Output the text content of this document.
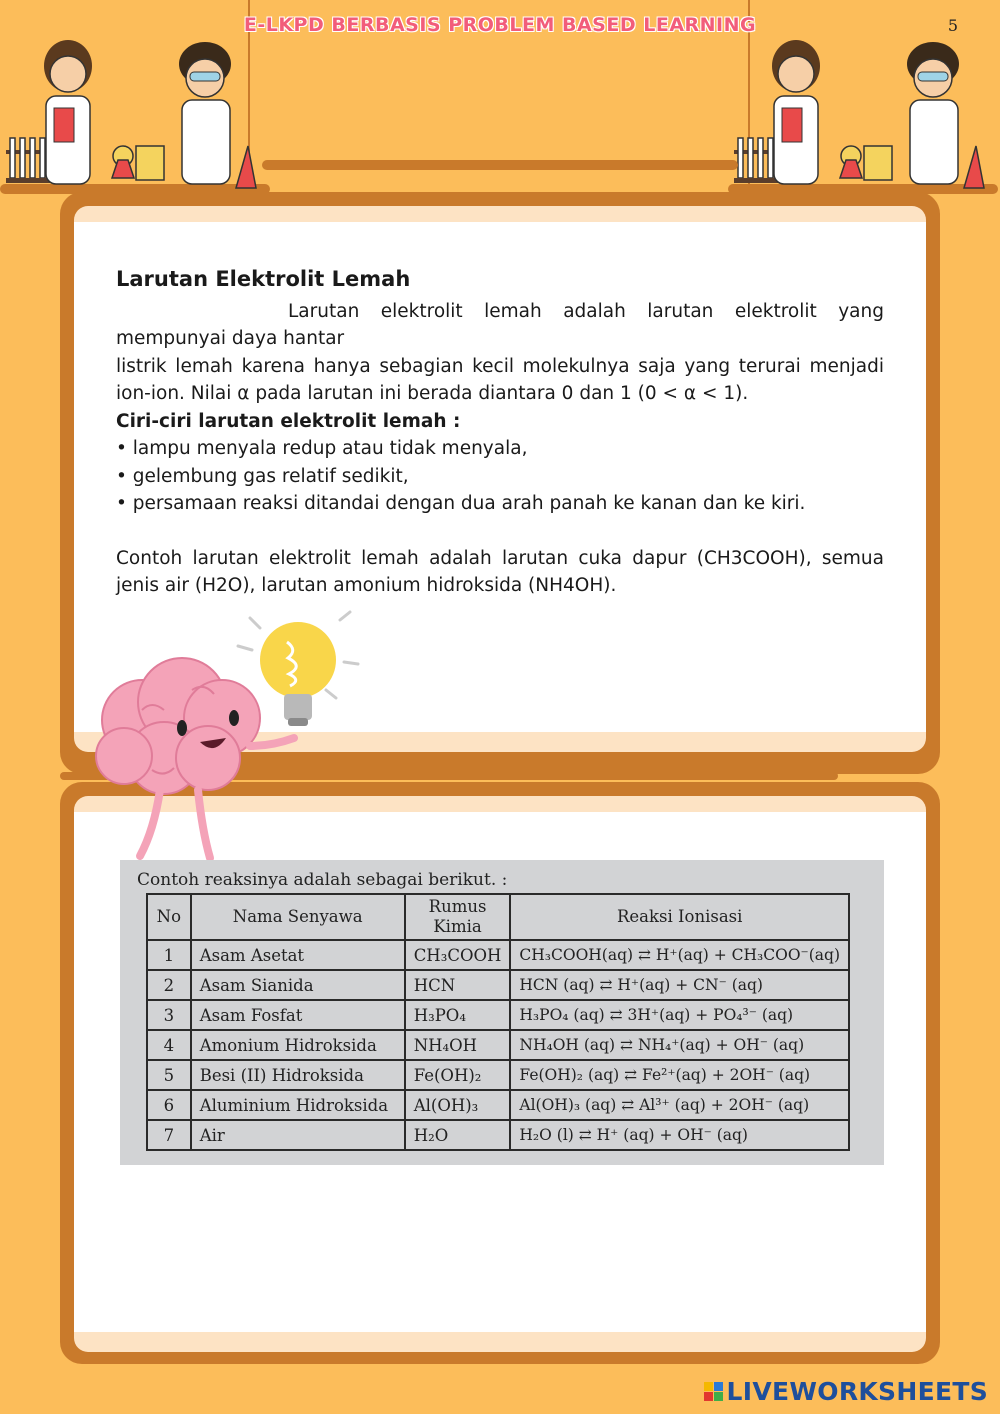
E-LKPD BERBASIS PROBLEM BASED LEARNING	5

Larutan Elektrolit Lemah

Larutan elektrolit lemah adalah larutan elektrolit yang mempunyai daya hantar

listrik lemah karena hanya sebagian kecil molekulnya saja yang terurai menjadi ion-ion. Nilai α pada larutan ini berada diantara 0 dan 1 (0 < α < 1).

Ciri-ciri larutan elektrolit lemah :

• lampu menyala redup atau tidak menyala,

• gelembung gas relatif sedikit,

• persamaan reaksi ditandai dengan dua arah panah ke kanan dan ke kiri.

Contoh larutan elektrolit lemah adalah larutan cuka dapur (CH3COOH), semua jenis air (H2O), larutan amonium hidroksida (NH4OH).

Contoh reaksinya adalah sebagai berikut. :
No	Nama Senyawa	Rumus Kimia	Reaksi Ionisasi
1	Asam Asetat	CH₃COOH	CH₃COOH(aq) ⇄ H⁺(aq) + CH₃COO⁻(aq)
2	Asam Sianida	HCN	HCN (aq) ⇄ H⁺(aq) + CN⁻ (aq)
3	Asam Fosfat	H₃PO₄	H₃PO₄ (aq) ⇄ 3H⁺(aq) + PO₄³⁻ (aq)
4	Amonium Hidroksida	NH₄OH	NH₄OH (aq) ⇄ NH₄⁺(aq) + OH⁻ (aq)
5	Besi (II) Hidroksida	Fe(OH)₂	Fe(OH)₂ (aq) ⇄ Fe²⁺(aq) + 2OH⁻ (aq)
6	Aluminium Hidroksida	Al(OH)₃	Al(OH)₃ (aq) ⇄ Al³⁺ (aq) + 2OH⁻ (aq)
7	Air	H₂O	H₂O (l) ⇄ H⁺ (aq) + OH⁻ (aq)
LIVEWORKSHEETS
